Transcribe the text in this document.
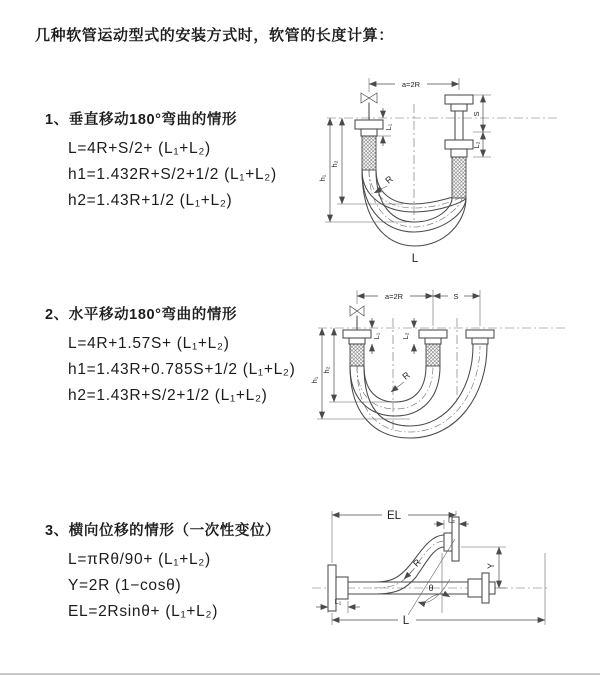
几种软管运动型式的安装方式时，软管的长度计算：
1、垂直移动180°弯曲的情形
L=4R+S/2+ (L₁+L₂)
h1=1.432R+S/2+1/2 (L₁+L₂)
h2=1.43R+1/2 (L₁+L₂)
2、水平移动180°弯曲的情形
L=4R+1.57S+ (L₁+L₂)
h1=1.43R+0.785S+1/2 (L₁+L₂)
h2=1.43R+S/2+1/2 (L₁+L₂)
3、横向位移的情形（一次性变位）
L=πRθ/90+ (L₁+L₂)
Y=2R (1−cosθ)
EL=2Rsinθ+ (L₁+L₂)
a=2R
h₁
h₂
L₁
S
L₂
R
L
a=2R	S
L₁	L₂
h₁
h₂	R
EL	L₂
Y
θ
R
L
L₁
